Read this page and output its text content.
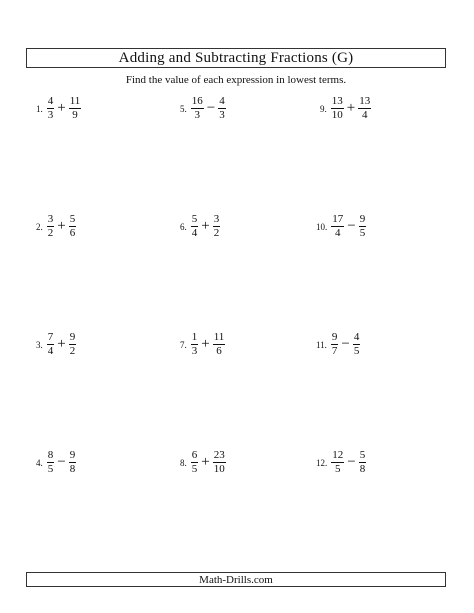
Adding and Subtracting Fractions (G)
Find the value of each expression in lowest terms.
1. $\frac{4}{3} + \frac{11}{9}$
2. $\frac{3}{2} + \frac{5}{6}$
3. $\frac{7}{4} + \frac{9}{2}$
4. $\frac{8}{5} - \frac{9}{8}$
5. $\frac{16}{3} - \frac{4}{3}$
6. $\frac{5}{4} + \frac{3}{2}$
7. $\frac{1}{3} + \frac{11}{6}$
8. $\frac{6}{5} + \frac{23}{10}$
9. $\frac{13}{10} + \frac{13}{4}$
10. $\frac{17}{4} - \frac{9}{5}$
11. $\frac{9}{7} - \frac{4}{5}$
12. $\frac{12}{5} - \frac{5}{8}$
Math-Drills.com
